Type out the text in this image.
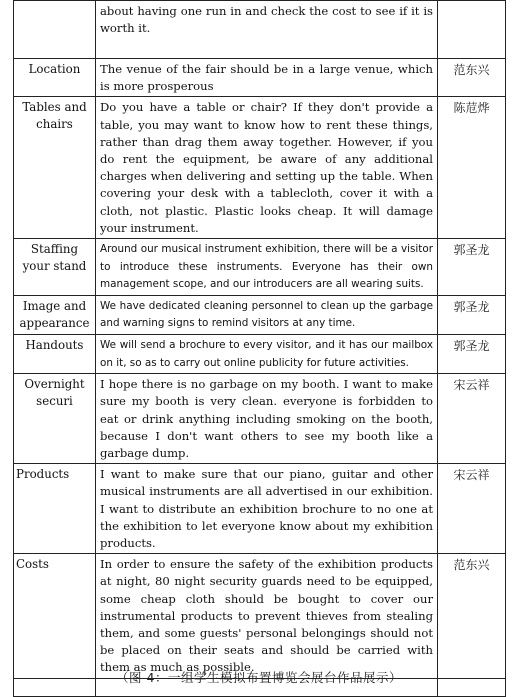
	about having one run in and check the cost to see if it is worth it.	
Location	The venue of the fair should be in a large venue, which is more prosperous	范东兴
Tables and chairs	Do you have a table or chair? If they don't provide a table, you may want to know how to rent these things, rather than drag them away together. However, if you do rent the equipment, be aware of any additional charges when delivering and setting up the table. When covering your desk with a tablecloth, cover it with a cloth, not plastic. Plastic looks cheap. It will damage your instrument.	陈苊烨
Staffing your stand	Around our musical instrument exhibition, there will be a visitor to introduce these instruments. Everyone has their own management scope, and our introducers are all wearing suits.	郭圣龙
Image and appearance	We have dedicated cleaning personnel to clean up the garbage and warning signs to remind visitors at any time.	郭圣龙
Handouts	We will send a brochure to every visitor, and it has our mailbox on it, so as to carry out online publicity for future activities.	郭圣龙
Overnight securi	I hope there is no garbage on my booth. I want to make sure my booth is very clean. everyone is forbidden to eat or drink anything including smoking on the booth, because I don't want others to see my booth like a garbage dump.	宋云祥
Products	I want to make sure that our piano, guitar and other musical instruments are all advertised in our exhibition. I want to distribute an exhibition brochure to no one at the exhibition to let everyone know about my exhibition products.	宋云祥
Costs	In order to ensure the safety of the exhibition products at night, 80 night security guards need to be equipped, some cheap cloth should be bought to cover our instrumental products to prevent thieves from stealing them, and some guests' personal belongings should not be placed on their seats and should be carried with them as much as possible.	范东兴

（图 4：一组学生模拟布置博览会展台作品展示）
